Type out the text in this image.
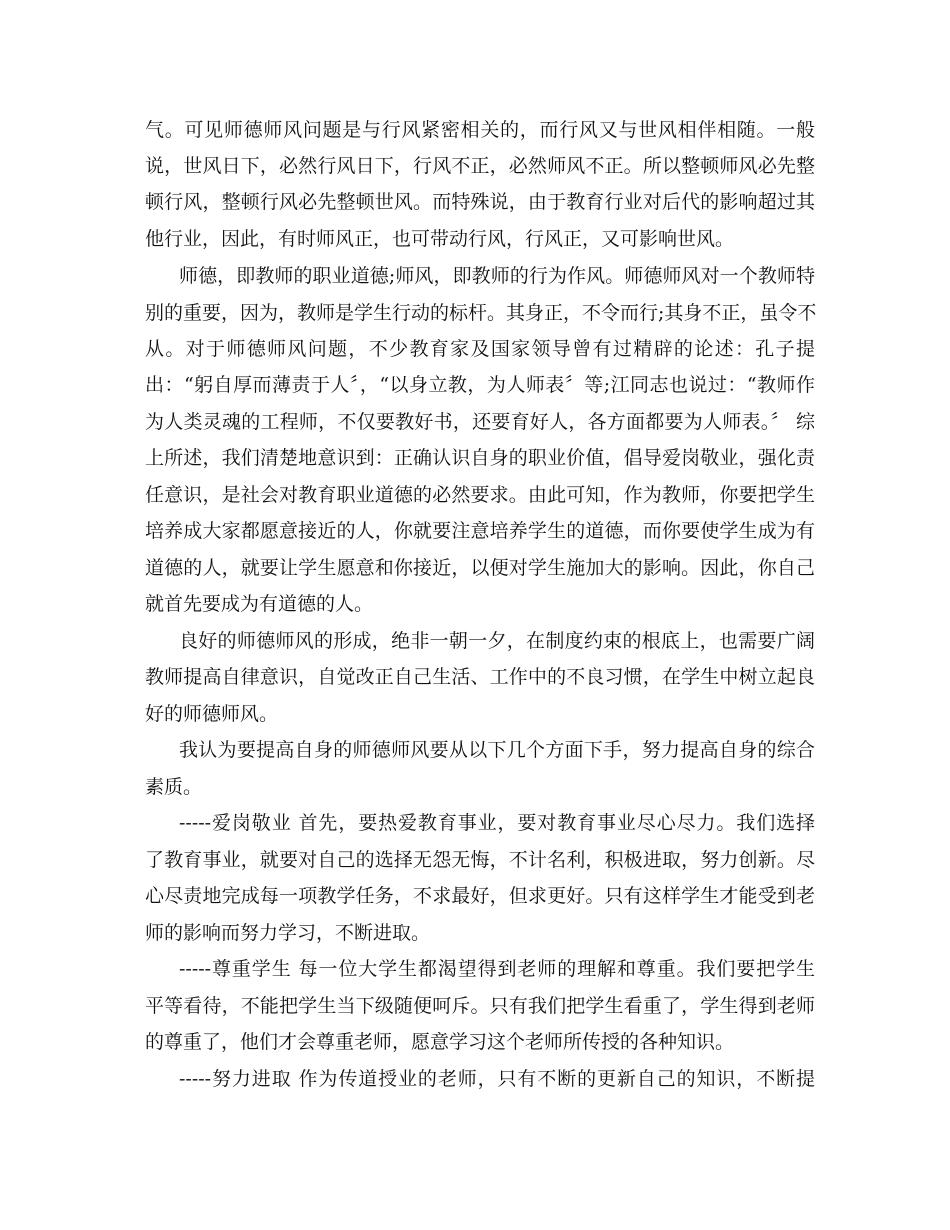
气。可见师德师风问题是与行风紧密相关的，而行风又与世风相伴相随。一般
说，世风日下，必然行风日下，行风不正，必然师风不正。所以整顿师风必先整
顿行风，整顿行风必先整顿世风。而特殊说，由于教育行业对后代的影响超过其
他行业，因此，有时师风正，也可带动行风，行风正，又可影响世风。
师德，即教师的职业道德;师风，即教师的行为作风。师德师风对一个教师特
别的重要，因为，教师是学生行动的标杆。其身正，不令而行;其身不正，虽令不
从。对于师德师风问题，不少教育家及国家领导曾有过精辟的论述：孔子提
出：“躬自厚而薄责于人〞，“以身立教，为人师表〞等;江同志也说过：“教师作
为人类灵魂的工程师，不仅要教好书，还要育好人，各方面都要为人师表。〞 综
上所述，我们清楚地意识到：正确认识自身的职业价值，倡导爱岗敬业，强化责
任意识，是社会对教育职业道德的必然要求。由此可知，作为教师，你要把学生
培养成大家都愿意接近的人，你就要注意培养学生的道德，而你要使学生成为有
道德的人，就要让学生愿意和你接近，以便对学生施加大的影响。因此，你自己
就首先要成为有道德的人。
良好的师德师风的形成，绝非一朝一夕，在制度约束的根底上，也需要广阔
教师提高自律意识，自觉改正自己生活、工作中的不良习惯，在学生中树立起良
好的师德师风。
我认为要提高自身的师德师风要从以下几个方面下手，努力提高自身的综合
素质。
-----爱岗敬业 首先，要热爱教育事业，要对教育事业尽心尽力。我们选择
了教育事业，就要对自己的选择无怨无悔，不计名利，积极进取，努力创新。尽
心尽责地完成每一项教学任务，不求最好，但求更好。只有这样学生才能受到老
师的影响而努力学习，不断进取。
-----尊重学生 每一位大学生都渴望得到老师的理解和尊重。我们要把学生
平等看待，不能把学生当下级随便呵斥。只有我们把学生看重了，学生得到老师
的尊重了，他们才会尊重老师，愿意学习这个老师所传授的各种知识。
-----努力进取 作为传道授业的老师，只有不断的更新自己的知识，不断提
